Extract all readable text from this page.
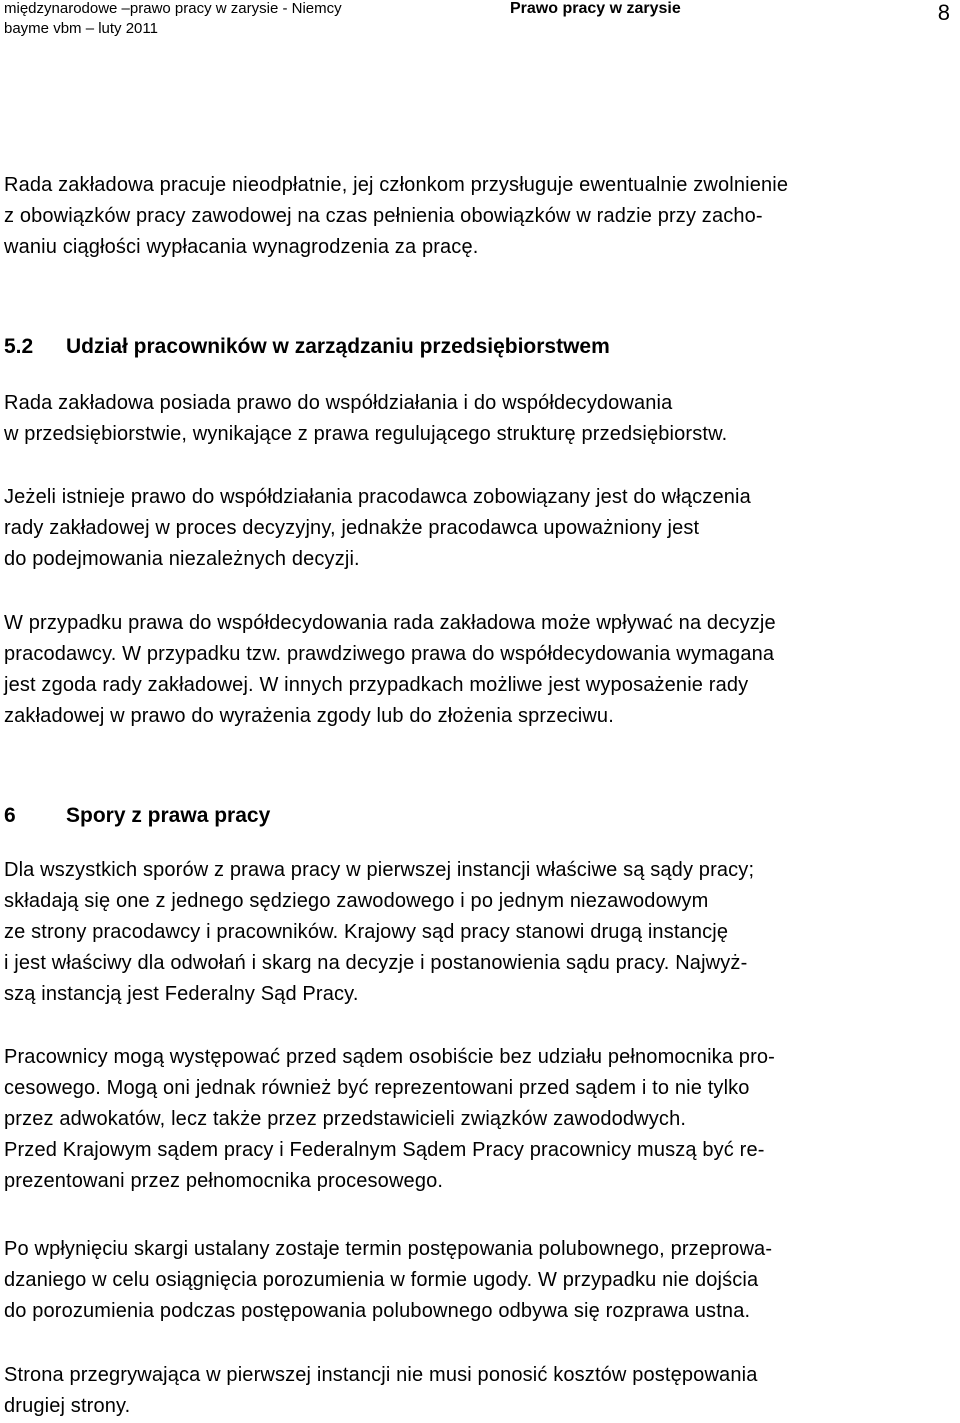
międzynarodowe –prawo pracy w zarysie - Niemcy
bayme vbm – luty 2011
Prawo pracy w zarysie	8

Rada zakładowa pracuje nieodpłatnie, jej członkom przysługuje ewentualnie zwolnienie
z obowiązków pracy zawodowej na czas pełnienia obowiązków w radzie przy zacho-
waniu ciągłości wypłacania wynagrodzenia za pracę.

5.2 Udział pracowników w zarządzaniu przedsiębiorstwem

Rada zakładowa posiada prawo do współdziałania i do współdecydowania
w przedsiębiorstwie, wynikające z prawa regulującego strukturę przedsiębiorstw.

Jeżeli istnieje prawo do współdziałania pracodawca zobowiązany jest do włączenia
rady zakładowej w proces decyzyjny, jednakże pracodawca upoważniony jest
do podejmowania niezależnych decyzji.

W przypadku prawa do współdecydowania rada zakładowa może wpływać na decyzje
pracodawcy. W przypadku tzw. prawdziwego prawa do współdecydowania wymagana
jest zgoda rady zakładowej. W innych przypadkach możliwe jest wyposażenie rady
zakładowej w prawo do wyrażenia zgody lub do złożenia sprzeciwu.

6 Spory z prawa pracy

Dla wszystkich sporów z prawa pracy w pierwszej instancji właściwe są sądy pracy;
składają się one z jednego sędziego zawodowego i po jednym niezawodowym
ze strony pracodawcy i pracowników. Krajowy sąd pracy stanowi drugą instancję
i jest właściwy dla odwołań i skarg na decyzje i postanowienia sądu pracy. Najwyż-
szą instancją jest Federalny Sąd Pracy.

Pracownicy mogą występować przed sądem osobiście bez udziału pełnomocnika pro-
cesowego. Mogą oni jednak również być reprezentowani przed sądem i to nie tylko
przez adwokatów, lecz także przez przedstawicieli związków zawododwych.
Przed Krajowym sądem pracy i Federalnym Sądem Pracy pracownicy muszą być re-
prezentowani przez pełnomocnika procesowego.

Po wpłynięciu skargi ustalany zostaje termin postępowania polubownego, przeprowa-
dzaniego w celu osiągnięcia porozumienia w formie ugody. W przypadku nie dojścia
do porozumienia podczas postępowania polubownego odbywa się rozprawa ustna.

Strona przegrywająca w pierwszej instancji nie musi ponosić kosztów postępowania
drugiej strony.
